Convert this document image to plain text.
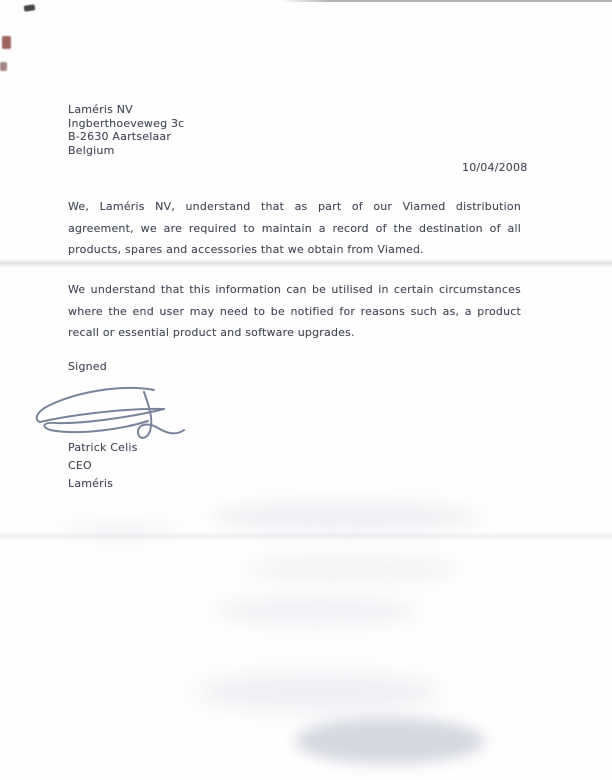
Laméris NV
Ingberthoeveweg 3c
B-2630 Aartselaar
Belgium
10/04/2008

We, Laméris NV, understand that as part of our Viamed distribution agreement, we are required to maintain a record of the destination of all products, spares and accessories that we obtain from Viamed.

We understand that this information can be utilised in certain circumstances where the end user may need to be notified for reasons such as, a product recall or essential product and software upgrades.

Signed
Patrick Celis
CEO
Laméris
